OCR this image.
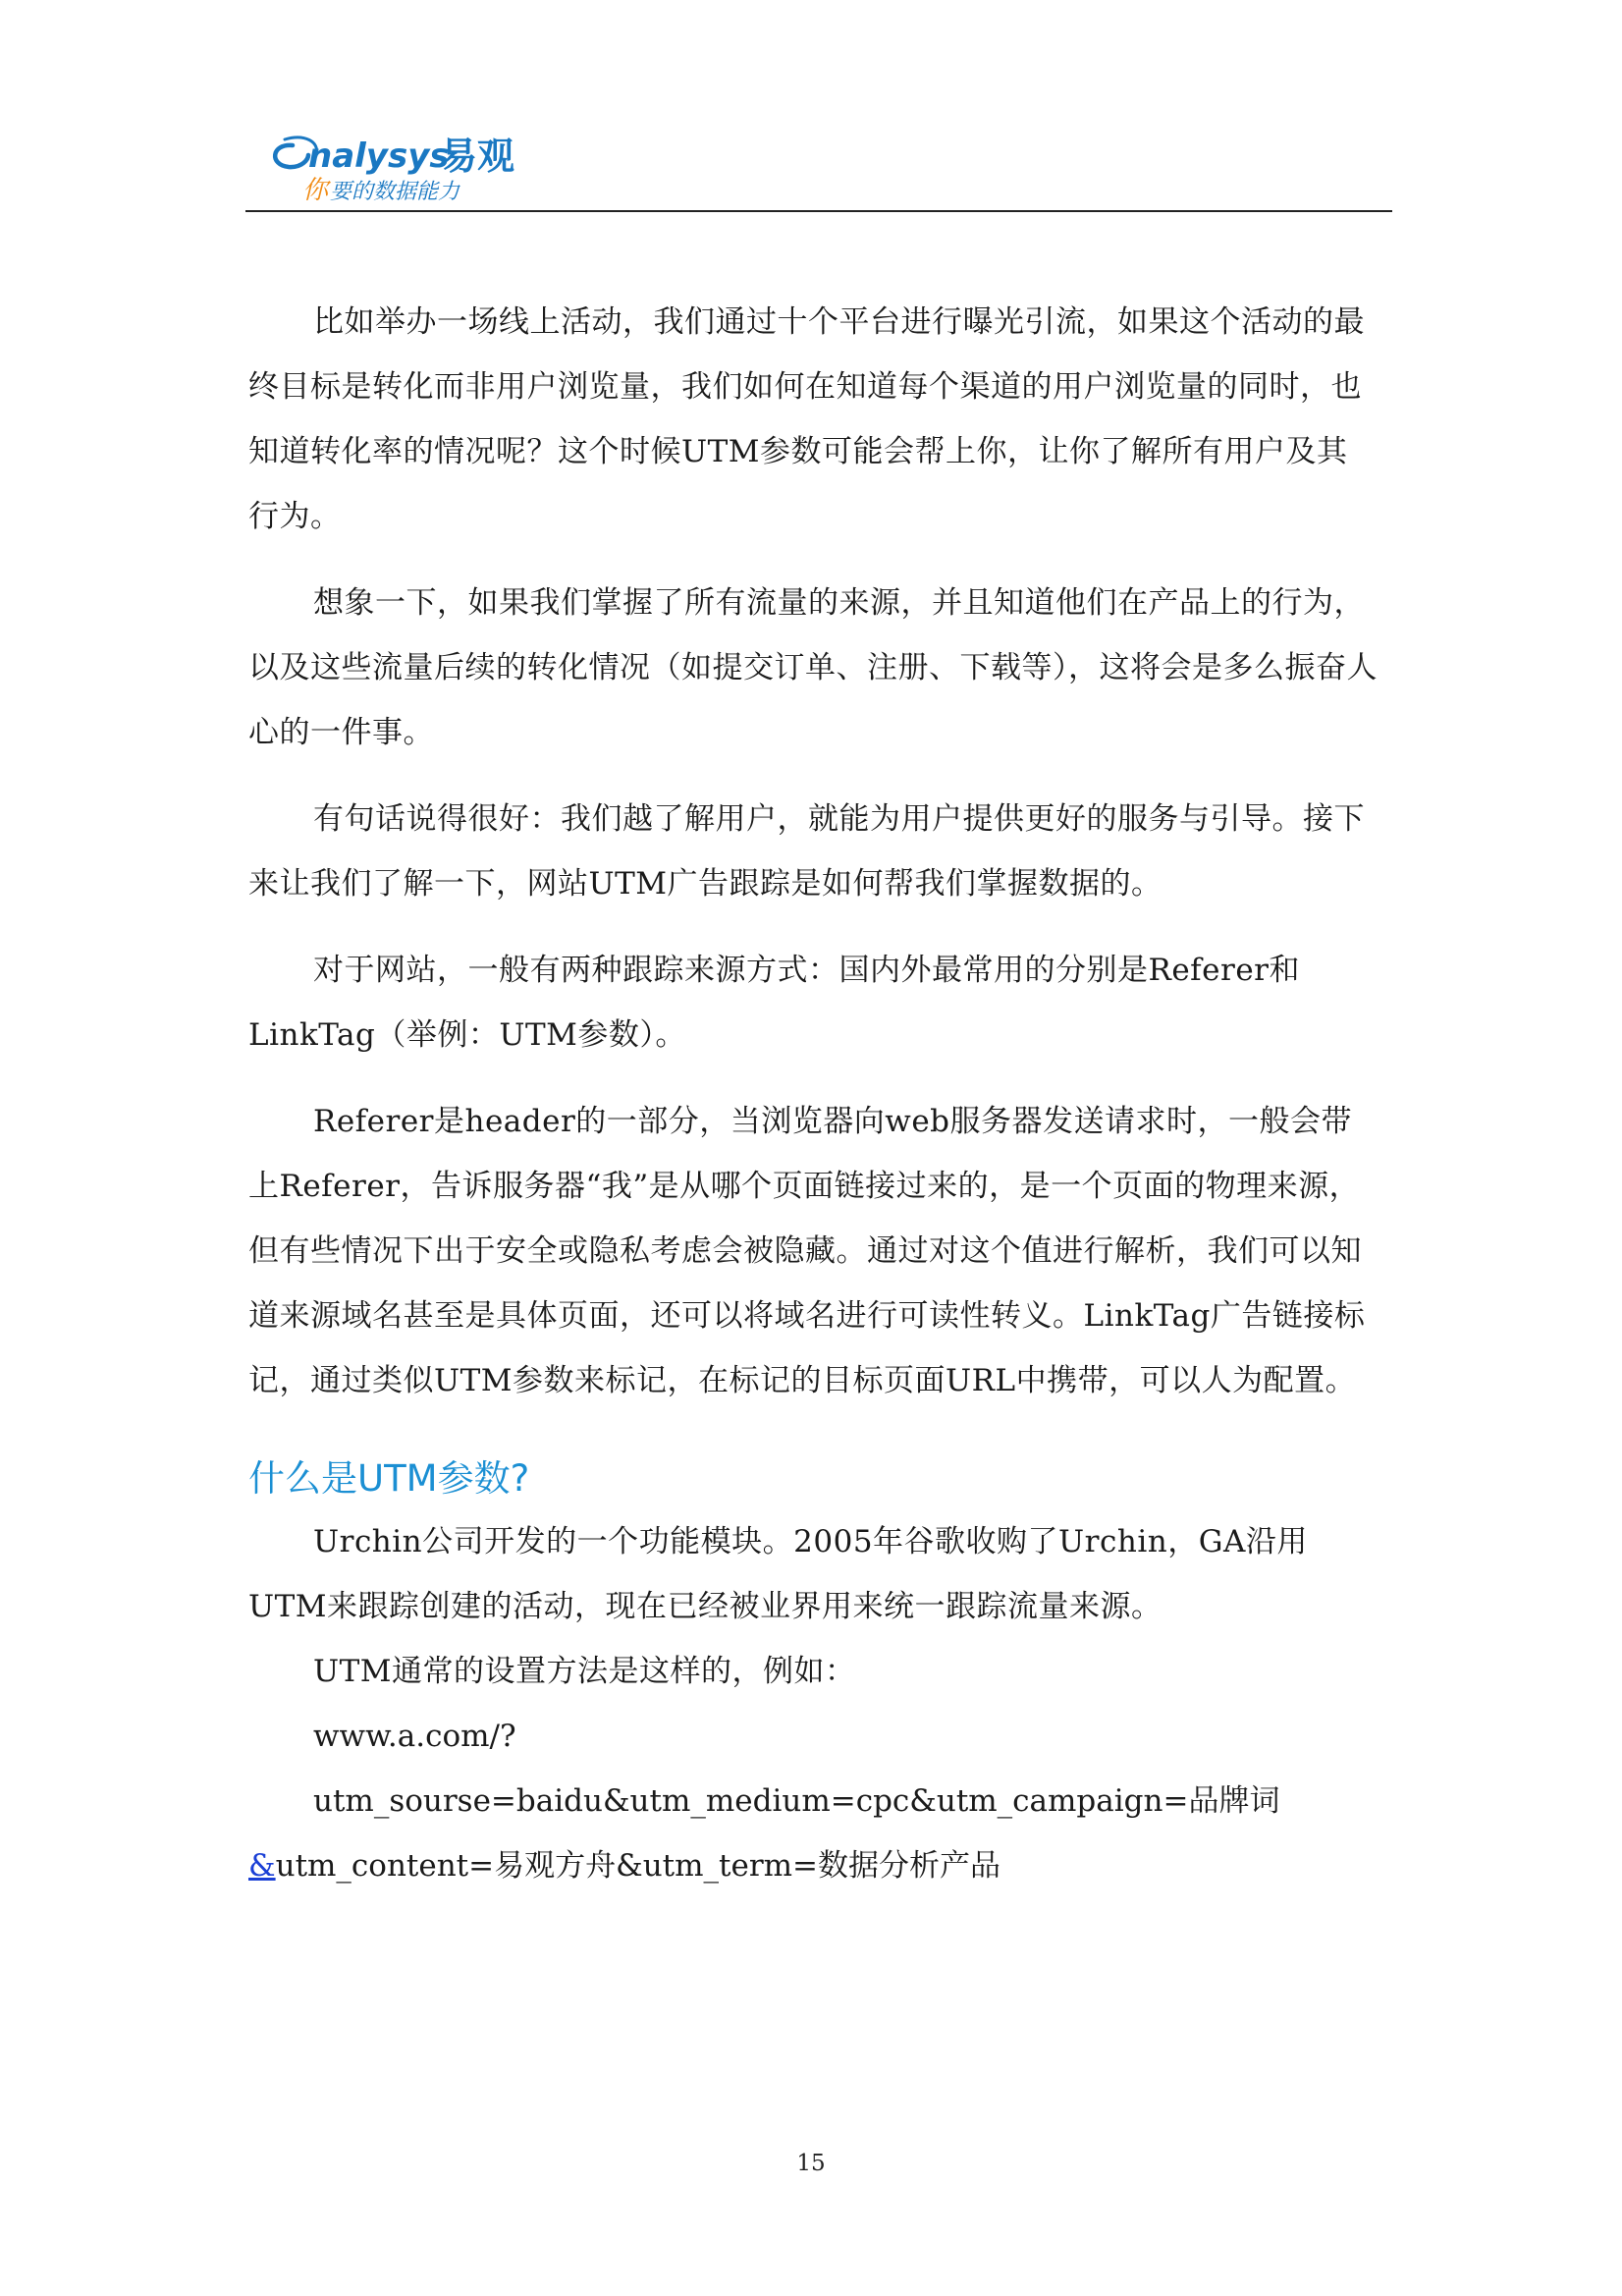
nalysys
易观
你 要的数据能力

比如举办一场线上活动，我们通过十个平台进行曝光引流，如果这个活动的最终目标是转化而非用户浏览量，我们如何在知道每个渠道的用户浏览量的同时，也知道转化率的情况呢？这个时候UTM参数可能会帮上你，让你了解所有用户及其行为。

想象一下，如果我们掌握了所有流量的来源，并且知道他们在产品上的行为，以及这些流量后续的转化情况（如提交订单、注册、下载等），这将会是多么振奋人心的一件事。

有句话说得很好：我们越了解用户，就能为用户提供更好的服务与引导。接下来让我们了解一下，网站UTM广告跟踪是如何帮我们掌握数据的。

对于网站，一般有两种跟踪来源方式：国内外最常用的分别是Referer和LinkTag（举例：UTM参数）。

Referer是header的一部分，当浏览器向web服务器发送请求时，一般会带上Referer，告诉服务器“我”是从哪个页面链接过来的，是一个页面的物理来源，但有些情况下出于安全或隐私考虑会被隐藏。通过对这个值进行解析，我们可以知道来源域名甚至是具体页面，还可以将域名进行可读性转义。LinkTag广告链接标记，通过类似UTM参数来标记，在标记的目标页面URL中携带，可以人为配置。

什么是UTM参数?

Urchin公司开发的一个功能模块。2005年谷歌收购了Urchin，GA沿用UTM来跟踪创建的活动，现在已经被业界用来统一跟踪流量来源。

UTM通常的设置方法是这样的，例如：

www.a.com/?utm_sourse=baidu&utm_medium=cpc&utm_campaign=品牌词
&utm_content=易观方舟&utm_term=数据分析产品
15
